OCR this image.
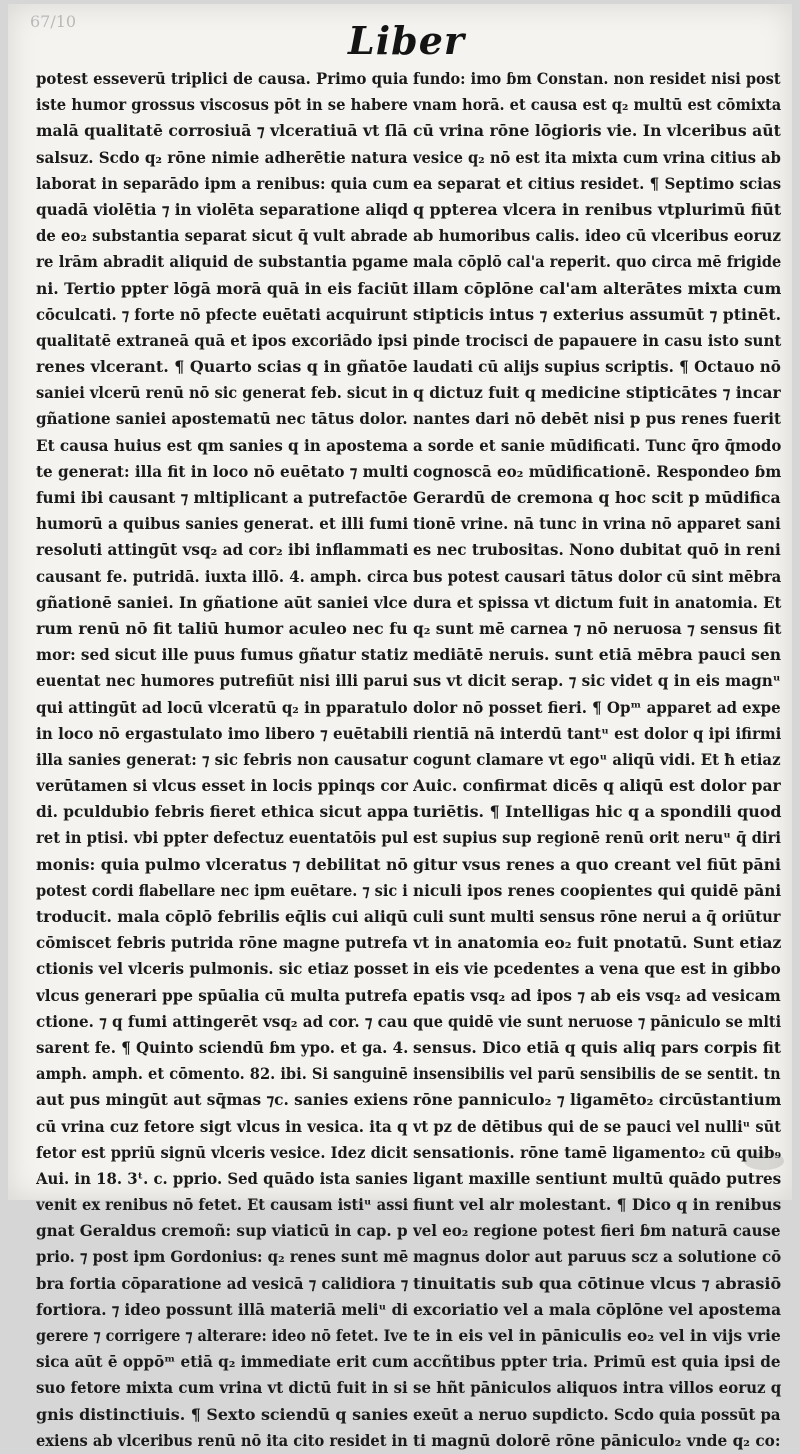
67/10	Liber
potest esseverū triplici de causa. Primo quia
iste humor grossus viscosus pōt in se habere
malā qualitatē corrosiuā ⁊ vlceratiuā vt ſlā
salsuz. Scdo q₂ rōne nimie adherētie natura
laborat in separādo ipm a renibus: quia cum
quadā violētia ⁊ in violēta separatione aliqd
de eo₂ substantia separat sicut q̄ vult abrade
re lrām abradit aliquid de substantia pgame
ni. Tertio ppter lōgā morā quā in eis faciūt
cōculcati. ⁊ forte nō pfecte euētati acquirunt
qualitatē extraneā quā et ipos excoriādo ipsi
renes vlcerant. ¶ Quarto scias q in gñatōe
saniei vlcerū renū nō sic generat feb. sicut in
gñatione saniei apostematū nec tātus dolor.
Et causa huius est qm sanies q in apostema
te generat: illa fit in loco nō euētato ⁊ multi
fumi ibi causant ⁊ mltiplicant a putrefactōe
humorū a quibus sanies generat. et illi fumi
resoluti attingūt vsq₂ ad cor₂ ibi inflammati
causant fe. putridā. iuxta illō. 4. amph. circa
gñationē saniei. In gñatione aūt saniei vlce
rum renū nō fit taliū humor aculeo nec fu
mor: sed sicut ille puus fumus gñatur statiz
euentat nec humores putrefiūt nisi illi parui
qui attingūt ad locū vlceratū q₂ in pparatulo
in loco nō ergastulato imo libero ⁊ euētabili
illa sanies generat: ⁊ sic febris non causatur
verūtamen si vlcus esset in locis ppinqs cor
di. pculdubio febris fieret ethica sicut appa
ret in ptisi. vbi ppter defectuz euentatōis pul
monis: quia pulmo vlceratus ⁊ debilitat nō
potest cordi flabellare nec ipm euētare. ⁊ sic i
troducit. mala cōplō febrilis eq̄lis cui aliqū
cōmiscet febris putrida rōne magne putrefa
ctionis vel vlceris pulmonis. sic etiaz posset
vlcus generari ppe spūalia cū multa putrefa
ctione. ⁊ q fumi attingerēt vsq₂ ad cor. ⁊ cau
sarent fe. ¶ Quinto sciendū ɓm ypo. et ga. 4.
amph. amph. et cōmento. 82. ibi. Si sanguinē
aut pus mingūt aut sq̄mas ⁊c. sanies exiens
cū vrina cuz fetore sigt vlcus in vesica. ita q
fetor est ppriū signū vlceris vesice. Idez dicit
Aui. in 18. 3ᵗ. c. pprio. Sed quādo ista sanies
venit ex renibus nō fetet. Et causam istiᵘ assi
gnat Geraldus cremoñ: sup viaticū in cap. p
prio. ⁊ post ipm Gordonius: q₂ renes sunt mē
bra fortia cōparatione ad vesicā ⁊ calidiora ⁊
fortiora. ⁊ ideo possunt illā materiā meliᵘ di
gerere ⁊ corrigere ⁊ alterare: ideo nō fetet. Ive
sica aūt ē oppōᵐ etiā q₂ immediate erit cum
suo fetore mixta cum vrina vt dictū fuit in si
gnis distinctiuis. ¶ Sexto sciendū q sanies
exiens ab vlceribus renū nō ita cito residet in
fundo: imo ɓm Constan. non residet nisi post
vnam horā. et causa est q₂ multū est cōmixta
cū vrina rōne lōgioris vie. In vlceribus aūt
vesice q₂ nō est ita mixta cum vrina citius ab
ea separat et citius residet. ¶ Septimo scias
q ppterea vlcera in renibus vtplurimū fiūt
ab humoribus calis. ideo cū vlceribus eoruz
mala cōplō cal'a reperit. quo circa mē frigide
illam cōplōne cal'am alterātes mixta cum
stipticis intus ⁊ exterius assumūt ⁊ ptinēt.
pinde trocisci de papauere in casu isto sunt
laudati cū alijs supius scriptis. ¶ Octauo nō
q dictuz fuit q medicine stipticātes ⁊ incar
nantes dari nō debēt nisi p pus renes fuerit
a sorde et sanie mūdificati. Tunc q̄ro q̄modo
cognoscā eo₂ mūdificationē. Respondeo ɓm
Gerardū de cremona q hoc scit p mūdifica
tionē vrine. nā tunc in vrina nō apparet sani
es nec trubositas. Nono dubitat quō in reni
bus potest causari tātus dolor cū sint mēbra
dura et spissa vt dictum fuit in anatomia. Et
q₂ sunt mē carnea ⁊ nō neruosa ⁊ sensus fit
mediātē neruis. sunt etiā mēbra pauci sen
sus vt dicit serap. ⁊ sic videt q in eis magnᵘ
dolor nō posset fieri. ¶ Opᵐ apparet ad expe
rientiā nā interdū tantᵘ est dolor q ipi ifirmi
cogunt clamare vt egoᵘ aliqū vidi. Et ħ etiaz
Auic. confirmat dicēs q aliqū est dolor par
turiētis. ¶ Intelligas hic q a spondili quod
est supius sup regionē renū orit neruᵘ q̄ diri
gitur vsus renes a quo creant vel fiūt pāni
niculi ipos renes coopientes qui quidē pāni
culi sunt multi sensus rōne nerui a q̄ oriūtur
vt in anatomia eo₂ fuit pnotatū. Sunt etiaz
in eis vie pcedentes a vena que est in gibbo
epatis vsq₂ ad ipos ⁊ ab eis vsq₂ ad vesicam
que quidē vie sunt neruose ⁊ pāniculo se mlti
sensus. Dico etiā q quis aliq pars corpis fit
insensibilis vel parū sensibilis de se sentit. tn
rōne panniculo₂ ⁊ ligamēto₂ circūstantium
vt pz de dētibus qui de se pauci vel nulliᵘ sūt
sensationis. rōne tamē ligamento₂ cū quib₉
ligant maxille sentiunt multū quādo putres
fiunt vel alr molestant. ¶ Dico q in renibus
vel eo₂ regione potest fieri ɓm naturā cause
magnus dolor aut paruus scz a solutione cō
tinuitatis sub qua cōtinue vlcus ⁊ abrasiō
excoriatio vel a mala cōplōne vel apostema
te in eis vel in pāniculis eo₂ vel in vijs vrie
accñtibus ppter tria. Primū est quia ipsi de
se hñt pāniculos aliquos intra villos eoruz q
exeūt a neruo supdicto. Scdo quia possūt pa
ti magnū dolorē rōne pāniculo₂ vnde q₂ co:
